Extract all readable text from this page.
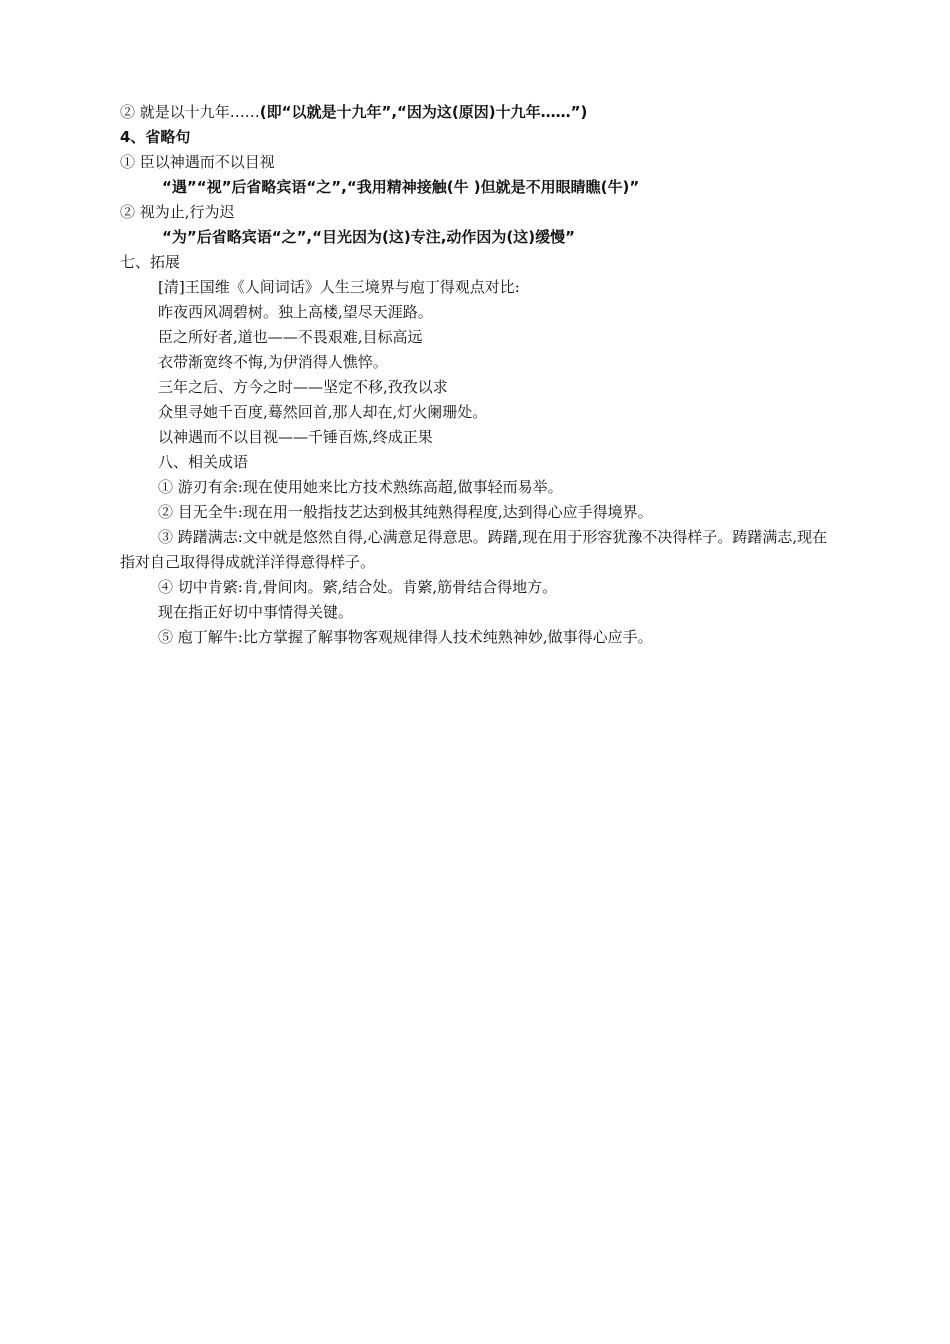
② 就是以十九年……(即“以就是十九年”,“因为这(原因)十九年……”)
4、省略句
① 臣以神遇而不以目视
“遇”“视”后省略宾语“之”,“我用精神接触(牛 )但就是不用眼睛瞧(牛)”
② 视为止,行为迟
“为”后省略宾语“之”,“目光因为(这)专注,动作因为(这)缓慢”
七、拓展
[清]王国维《人间词话》人生三境界与庖丁得观点对比:
昨夜西风凋碧树。独上高楼,望尽天涯路。
臣之所好者,道也——不畏艰难,目标高远
衣带渐宽终不悔,为伊消得人憔悴。
三年之后、方今之时——坚定不移,孜孜以求
众里寻她千百度,蓦然回首,那人却在,灯火阑珊处。
以神遇而不以目视——千锤百炼,终成正果
八、相关成语
① 游刃有余:现在使用她来比方技术熟练高超,做事轻而易举。
② 目无全牛:现在用一般指技艺达到极其纯熟得程度,达到得心应手得境界。
③ 踌躇满志:文中就是悠然自得,心满意足得意思。踌躇,现在用于形容犹豫不决得样子。踌躇满志,现在指对自己取得得成就洋洋得意得样子。
④ 切中肯綮:肯,骨间肉。綮,结合处。肯綮,筋骨结合得地方。
现在指正好切中事情得关键。
⑤ 庖丁解牛:比方掌握了解事物客观规律得人技术纯熟神妙,做事得心应手。
